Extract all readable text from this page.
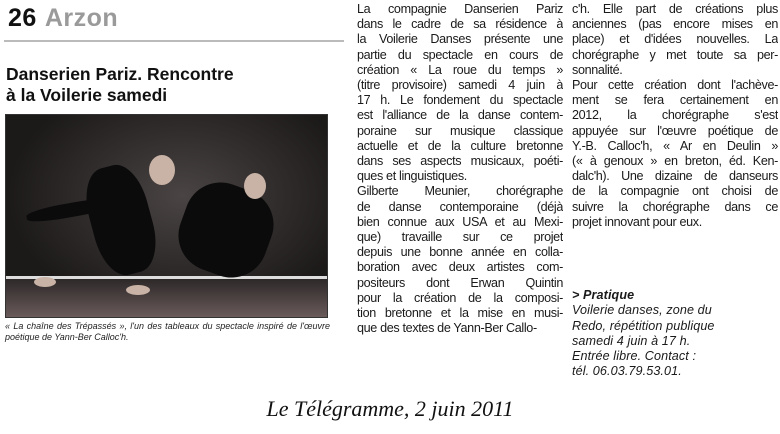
26 Arzon
Danserien Pariz. Rencontre
à la Voilerie samedi
« La chaîne des Trépassés », l'un des tableaux du spectacle inspiré de l'œuvre poétique de Yann-Ber Calloc'h.
La compagnie Danserien Pariz
dans le cadre de sa résidence à
la Voilerie Danses présente une
partie du spectacle en cours de
création « La roue du temps »
(titre provisoire) samedi 4 juin à
17 h. Le fondement du spectacle
est l'alliance de la danse contem-
poraine sur musique classique
actuelle et de la culture bretonne
dans ses aspects musicaux, poéti-
ques et linguistiques.
Gilberte Meunier, chorégraphe
de danse contemporaine (déjà
bien connue aux USA et au Mexi-
que) travaille sur ce projet
depuis une bonne année en colla-
boration avec deux artistes com-
positeurs dont Erwan Quintin
pour la création de la composi-
tion bretonne et la mise en musi-
que des textes de Yann-Ber Callo-
c'h. Elle part de créations plus
anciennes (pas encore mises en
place) et d'idées nouvelles. La
chorégraphe y met toute sa per-
sonnalité.
Pour cette création dont l'achève-
ment se fera certainement en
2012, la chorégraphe s'est
appuyée sur l'œuvre poétique de
Y.-B. Calloc'h, « Ar en Deulin »
(« à genoux » en breton, éd. Ken-
dalc'h). Une dizaine de danseurs
de la compagnie ont choisi de
suivre la chorégraphe dans ce
projet innovant pour eux.
> Pratique
Voilerie danses, zone du
Redo, répétition publique
samedi 4 juin à 17 h.
Entrée libre. Contact :
tél. 06.03.79.53.01.
Le Télégramme, 2 juin 2011
